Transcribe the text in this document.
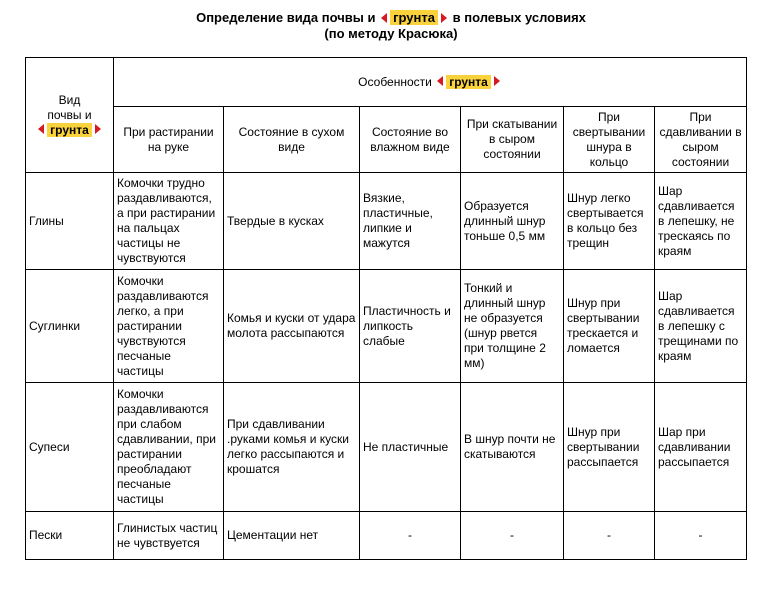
Определение вида почвы и грунта в полевых условиях
(по методу Красюка)
Вид
почвы и
грунта	Особенности грунта					
	При растирании на руке	Состояние в сухом виде	Состояние во влажном виде	При скатывании в сыром состоянии	При свертывании шнура в кольцо	При сдавливании в сыром состоянии
Глины	Комочки трудно раздавливаются, а при растирании на пальцах частицы не чувствуются	Твердые в кусках	Вязкие, пластичные, липкие и мажутся	Образуется длинный шнур тоньше 0,5 мм	Шнур легко свертывается в кольцо без трещин	Шар сдавливается в лепешку, не трескаясь по краям
Суглинки	Комочки раздавливаются легко, а при растирании чувствуются песчаные частицы	Комья и куски от удара молота рассыпаются	Пластичность и липкость слабые	Тонкий и длинный шнур не образуется (шнур рвется при толщине 2 мм)	Шнур при свертывании трескается и ломается	Шар сдавливается в лепешку с трещинами по краям
Супеси	Комочки раздавливаются при слабом сдавливании, при растирании преобладают песчаные частицы	При сдавливании .руками комья и куски легко рассыпаются и крошатся	Не пластичные	В шнур почти не скатываются	Шнур при свертывании рассыпается	Шар при сдавливании рассыпается
Пески	Глинистых частиц не чувствуется	Цементации нет	-	-	-	-
